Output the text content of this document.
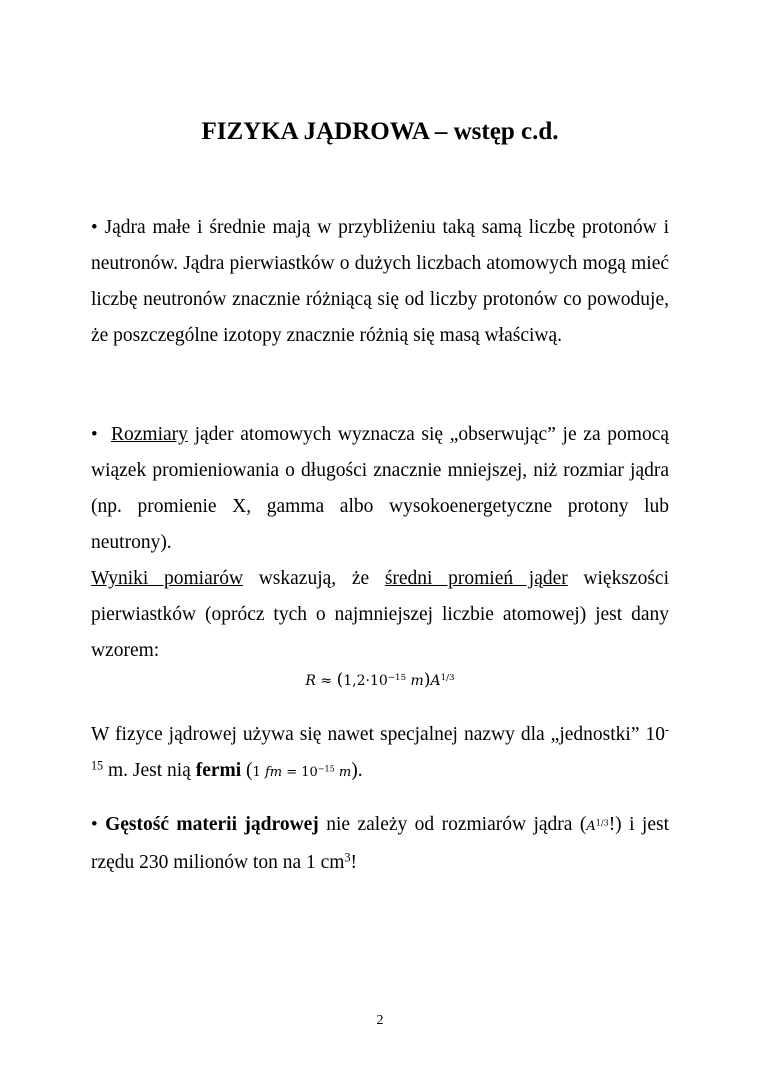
FIZYKA JĄDROWA – wstęp c.d.

• Jądra małe i średnie mają w przybliżeniu taką samą liczbę protonów i neutronów. Jądra pierwiastków o dużych liczbach atomowych mogą mieć liczbę neutronów znacznie różniącą się od liczby protonów co powoduje, że poszczególne izotopy znacznie różnią się masą właściwą.

• Rozmiary jąder atomowych wyznacza się „obserwując” je za pomocą wiązek promieniowania o długości znacznie mniejszej, niż rozmiar jądra (np. promienie X, gamma albo wysokoenergetyczne protony lub neutrony).

Wyniki pomiarów wskazują, że średni promień jąder większości pierwiastków (oprócz tych o najmniejszej liczbie atomowej) jest dany wzorem:

$R \approx (1,2\cdot 10^{-15}$ $m)A^{1/3}$

W fizyce jądrowej używa się nawet specjalnej nazwy dla „jednostki” $10^{-15}$ m. Jest nią fermi (1 fm = $10^{-15}$ m).

• Gęstość materii jądrowej nie zależy od rozmiarów jądra $(A^{1/3}!)$ i jest rzędu 230 milionów ton na 1 $cm^3$!

2
